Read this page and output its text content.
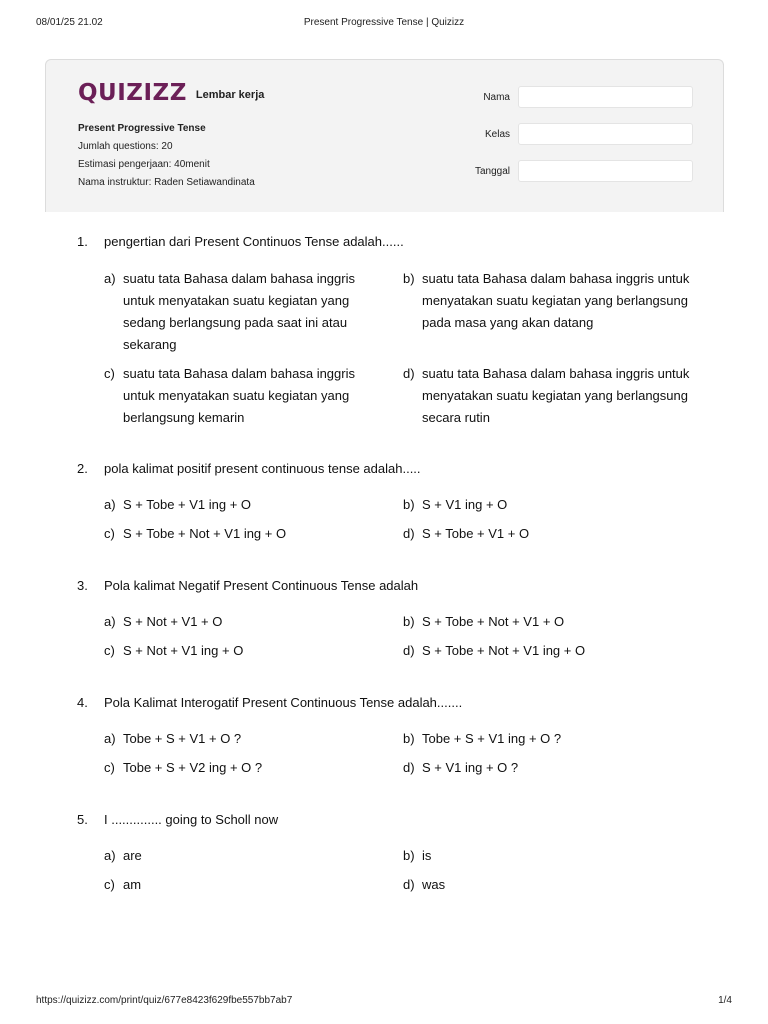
08/01/25 21.02	Present Progressive Tense | Quizizz
QUIZIZZ Lembar kerja
Present Progressive Tense
Jumlah questions: 20
Estimasi pengerjaan: 40menit
Nama instruktur: Raden Setiawandinata
Nama
Kelas
Tanggal
1. pengertian dari Present Continuos Tense adalah......
a) suatu tata Bahasa dalam bahasa inggris untuk menyatakan suatu kegiatan yang sedang berlangsung pada saat ini atau sekarang
b) suatu tata Bahasa dalam bahasa inggris untuk menyatakan suatu kegiatan yang berlangsung pada masa yang akan datang
c) suatu tata Bahasa dalam bahasa inggris untuk menyatakan suatu kegiatan yang berlangsung kemarin
d) suatu tata Bahasa dalam bahasa inggris untuk menyatakan suatu kegiatan yang berlangsung secara rutin
2. pola kalimat positif present continuous tense adalah.....
a) S + Tobe + V1 ing + O	b) S + V1 ing + O
c) S + Tobe + Not + V1 ing + O	d) S + Tobe + V1 + O
3. Pola kalimat Negatif Present Continuous Tense adalah
a) S + Not + V1 + O	b) S + Tobe + Not + V1 + O
c) S + Not + V1 ing + O	d) S + Tobe + Not + V1 ing + O
4. Pola Kalimat Interogatif Present Continuous Tense adalah.......
a) Tobe + S + V1 + O ?	b) Tobe + S + V1 ing + O ?
c) Tobe + S + V2 ing + O ?	d) S + V1 ing + O ?
5. I .............. going to Scholl now
a) are	b) is
c) am	d) was
https://quizizz.com/print/quiz/677e8423f629fbe557bb7ab7	1/4
